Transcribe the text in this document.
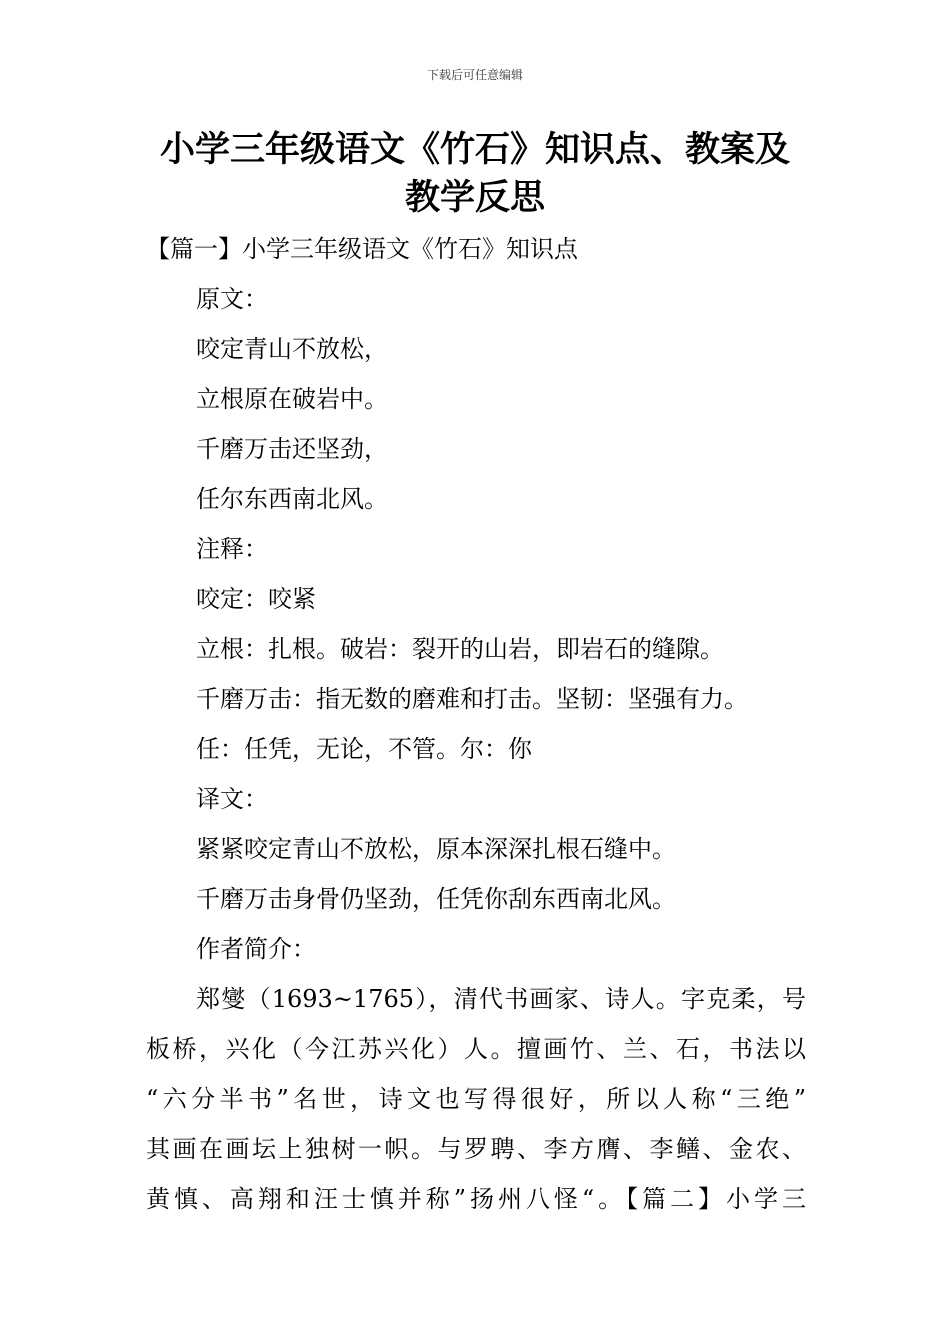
下载后可任意编辑
小学三年级语文《竹石》知识点、教案及
教学反思
【篇一】小学三年级语文《竹石》知识点
原文：
咬定青山不放松，
立根原在破岩中。
千磨万击还坚劲，
任尔东西南北风。
注释：
咬定：咬紧
立根：扎根。破岩：裂开的山岩，即岩石的缝隙。
千磨万击：指无数的磨难和打击。坚韧：坚强有力。
任：任凭，无论，不管。尔：你
译文：
紧紧咬定青山不放松，原本深深扎根石缝中。
千磨万击身骨仍坚劲，任凭你刮东西南北风。
作者简介：
郑燮（1693~1765），清代书画家、诗人。字克柔，号
板桥，兴化（今江苏兴化）人。擅画竹、兰、石，书法以
“六分半书”名世，诗文也写得很好，所以人称“三绝”
其画在画坛上独树一帜。与罗聘、李方膺、李鳝、金农、
黄慎、高翔和汪士慎并称”扬州八怪“。【篇二】小学三
